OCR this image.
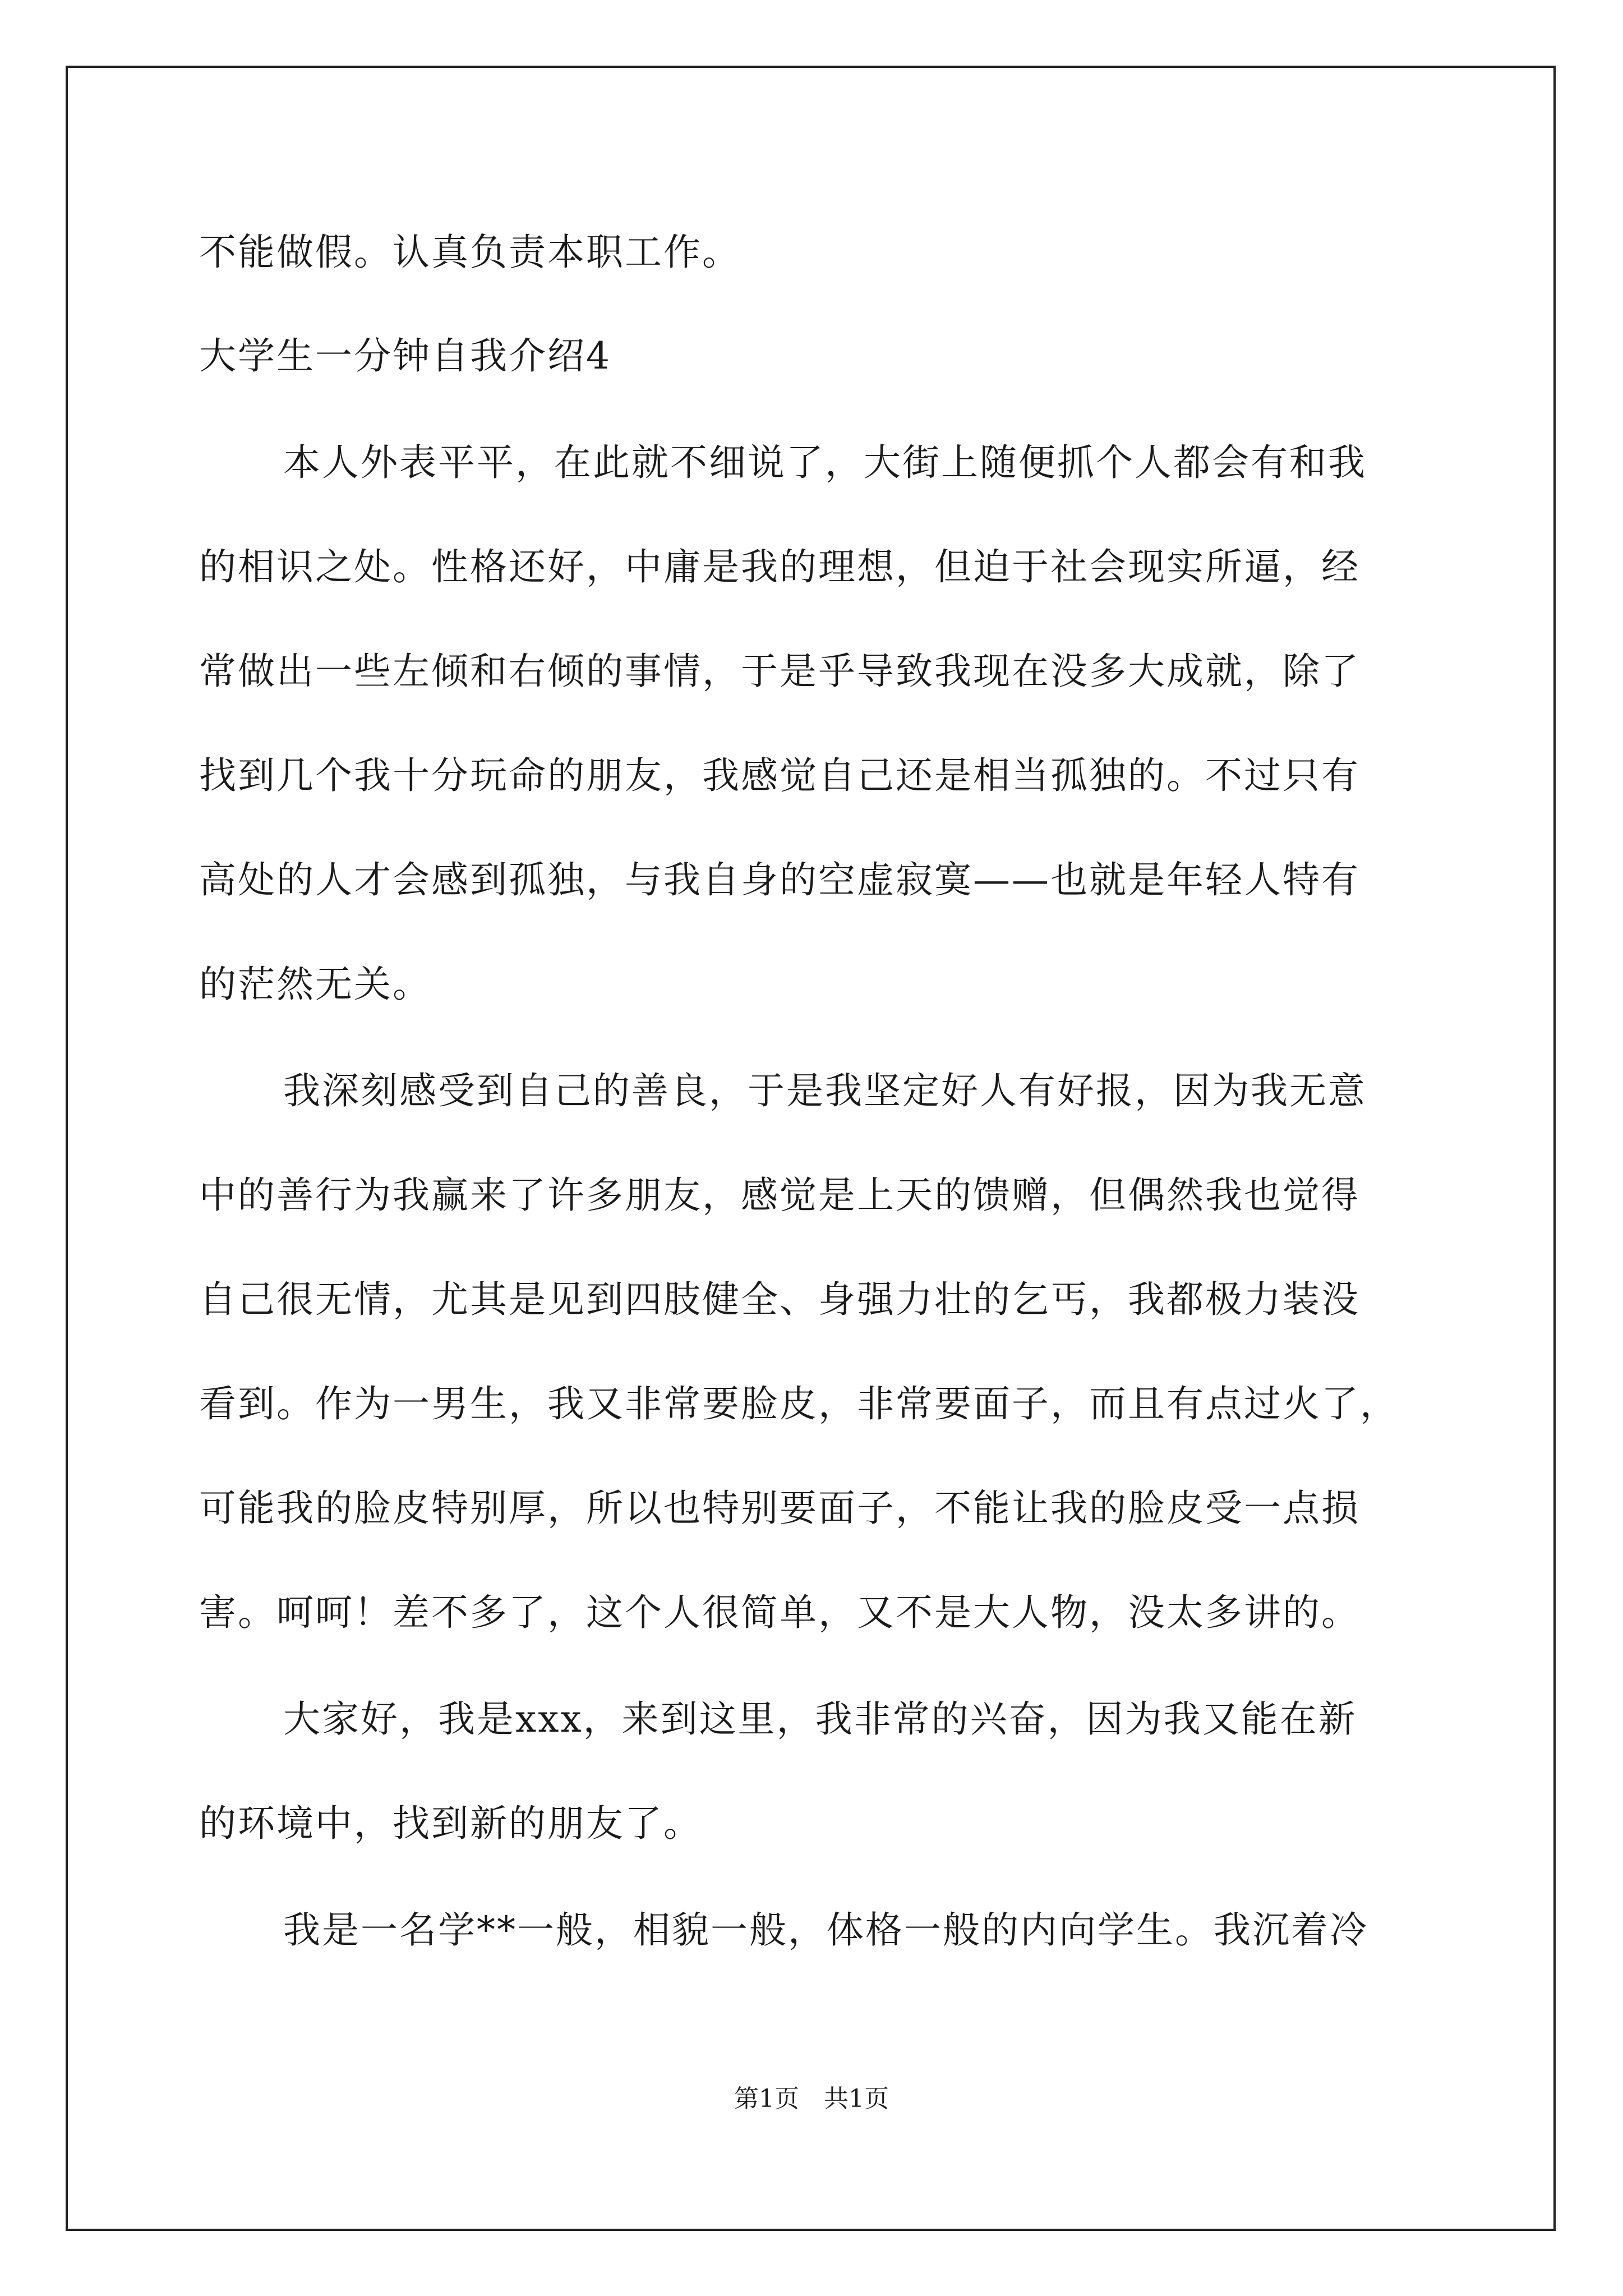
不能做假。认真负责本职工作。
大学生一分钟自我介绍4
本人外表平平，在此就不细说了，大街上随便抓个人都会有和我
的相识之处。性格还好，中庸是我的理想，但迫于社会现实所逼，经
常做出一些左倾和右倾的事情，于是乎导致我现在没多大成就，除了
找到几个我十分玩命的朋友，我感觉自己还是相当孤独的。不过只有
高处的人才会感到孤独，与我自身的空虚寂寞——也就是年轻人特有
的茫然无关。
我深刻感受到自己的善良，于是我坚定好人有好报，因为我无意
中的善行为我赢来了许多朋友，感觉是上天的馈赠，但偶然我也觉得
自己很无情，尤其是见到四肢健全、身强力壮的乞丐，我都极力装没
看到。作为一男生，我又非常要脸皮，非常要面子，而且有点过火了，
可能我的脸皮特别厚，所以也特别要面子，不能让我的脸皮受一点损
害。呵呵！差不多了，这个人很简单，又不是大人物，没太多讲的。
大家好，我是xxx，来到这里，我非常的兴奋，因为我又能在新
的环境中，找到新的朋友了。
我是一名学**一般，相貌一般，体格一般的内向学生。我沉着冷
第1页　共1页
